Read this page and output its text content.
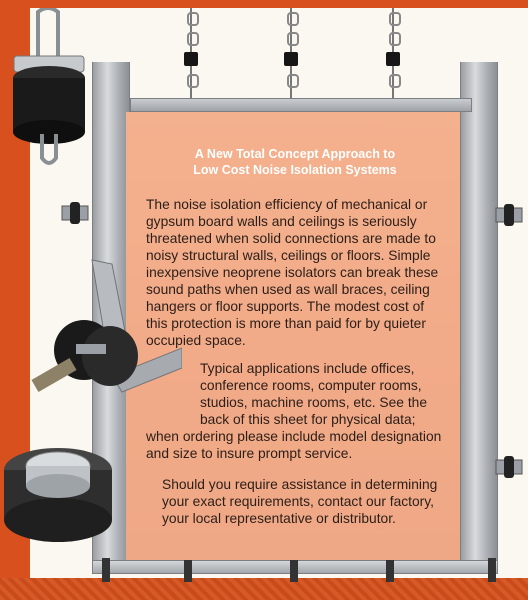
A New Total Concept Approach to
Low Cost Noise Isolation Systems

The noise isolation efficiency of mechanical or gypsum board walls and ceilings is seriously threatened when solid connections are made to noisy structural walls, ceilings or floors. Simple inexpensive neoprene isolators can break these sound paths when used as wall braces, ceiling hangers or floor supports. The modest cost of this protection is more than paid for by quieter occupied space.

Typical applications include offices, conference rooms, computer rooms, studios, machine rooms, etc. See the back of this sheet for physical data;

when ordering please include model designation and size to insure prompt service.

Should you require assistance in determining your exact requirements, contact our factory, your local representative or distributor.
